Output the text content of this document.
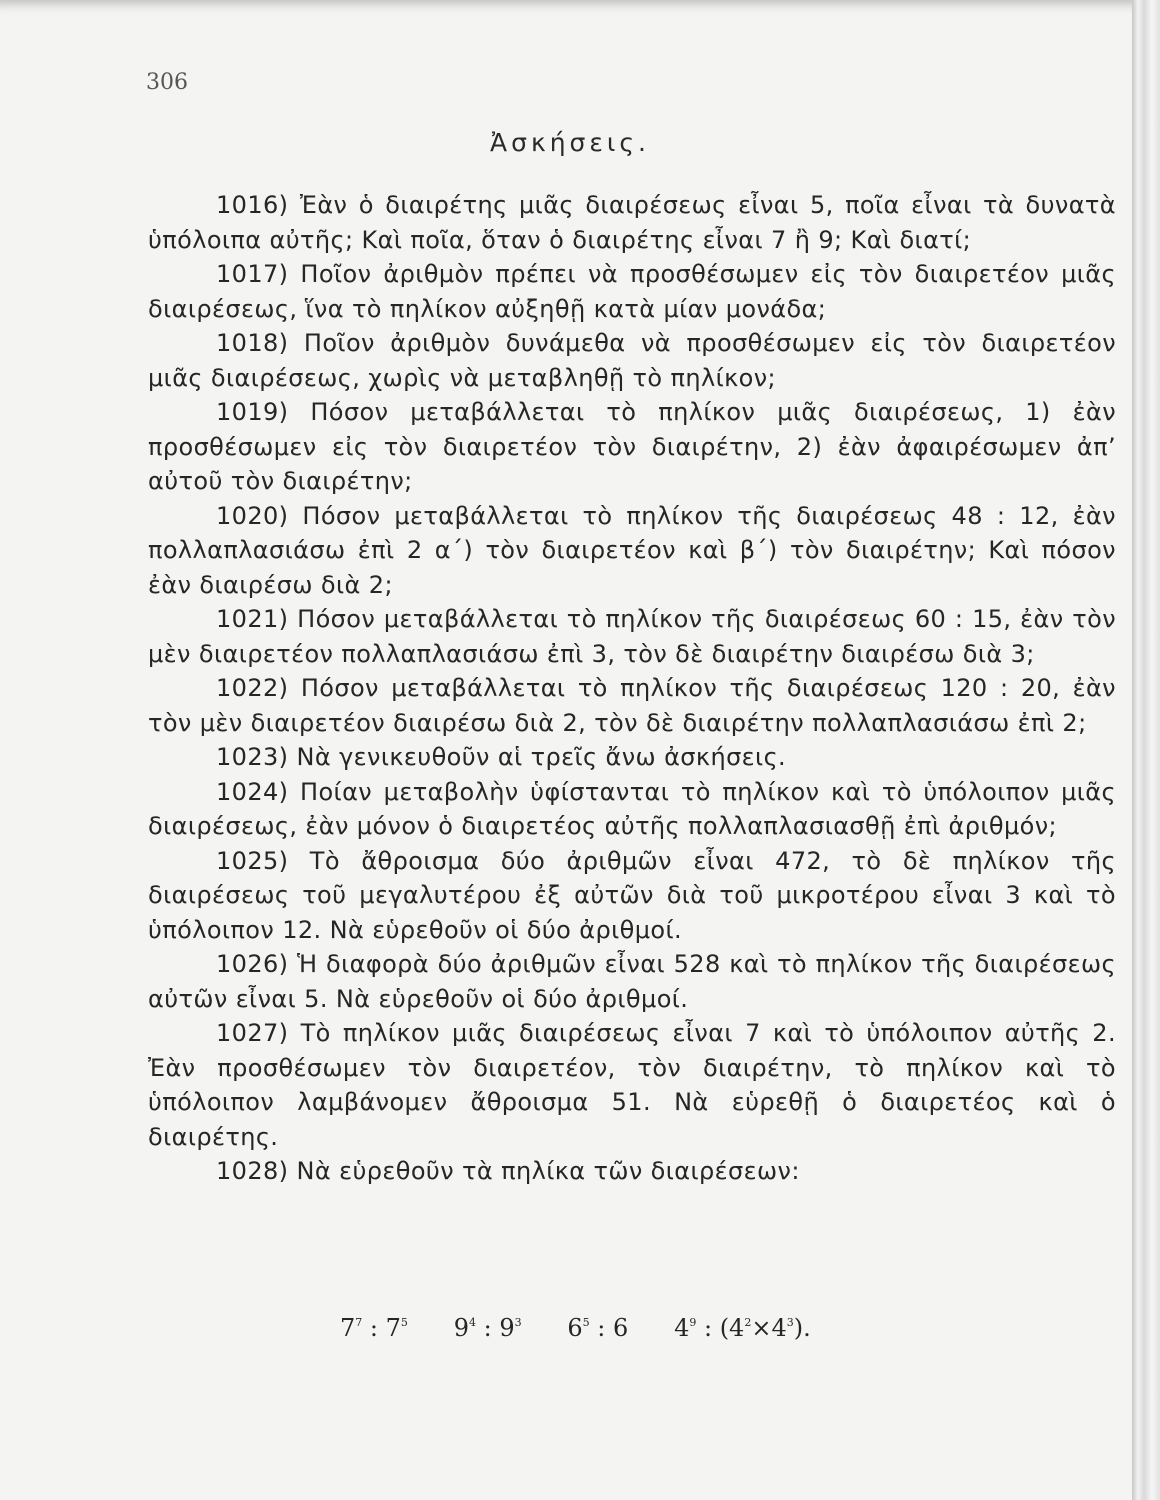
306
Ἀσκήσεις.

1016) Ἐὰν ὁ διαιρέτης μιᾶς διαιρέσεως εἶναι 5, ποῖα εἶναι τὰ δυνατὰ ὑπόλοιπα αὐτῆς; Καὶ ποῖα, ὅταν ὁ διαιρέτης εἶναι 7 ἢ 9; Καὶ διατί;

1017) Ποῖον ἀριθμὸν πρέπει νὰ προσθέσωμεν εἰς τὸν διαιρετέον μιᾶς διαιρέσεως, ἵνα τὸ πηλίκον αὐξηθῇ κατὰ μίαν μονάδα;

1018) Ποῖον ἀριθμὸν δυνάμεθα νὰ προσθέσωμεν εἰς τὸν διαιρετέον μιᾶς διαιρέσεως, χωρὶς νὰ μεταβληθῇ τὸ πηλίκον;

1019) Πόσον μεταβάλλεται τὸ πηλίκον μιᾶς διαιρέσεως, 1) ἐὰν προσθέσωμεν εἰς τὸν διαιρετέον τὸν διαιρέτην, 2) ἐὰν ἀφαιρέσωμεν ἀπ’ αὐτοῦ τὸν διαιρέτην;

1020) Πόσον μεταβάλλεται τὸ πηλίκον τῆς διαιρέσεως 48 : 12, ἐὰν πολλαπλασιάσω ἐπὶ 2 α΄) τὸν διαιρετέον καὶ β΄) τὸν διαιρέτην; Καὶ πόσον ἐὰν διαιρέσω διὰ 2;

1021) Πόσον μεταβάλλεται τὸ πηλίκον τῆς διαιρέσεως 60 : 15, ἐὰν τὸν μὲν διαιρετέον πολλαπλασιάσω ἐπὶ 3, τὸν δὲ διαιρέτην διαιρέσω διὰ 3;

1022) Πόσον μεταβάλλεται τὸ πηλίκον τῆς διαιρέσεως 120 : 20, ἐὰν τὸν μὲν διαιρετέον διαιρέσω διὰ 2, τὸν δὲ διαιρέτην πολλαπλασιάσω ἐπὶ 2;

1023) Νὰ γενικευθοῦν αἱ τρεῖς ἄνω ἀσκήσεις.

1024) Ποίαν μεταβολὴν ὑφίστανται τὸ πηλίκον καὶ τὸ ὑπόλοιπον μιᾶς διαιρέσεως, ἐὰν μόνον ὁ διαιρετέος αὐτῆς πολλαπλασιασθῇ ἐπὶ ἀριθμόν;

1025) Τὸ ἄθροισμα δύο ἀριθμῶν εἶναι 472, τὸ δὲ πηλίκον τῆς διαιρέσεως τοῦ μεγαλυτέρου ἐξ αὐτῶν διὰ τοῦ μικροτέρου εἶναι 3 καὶ τὸ ὑπόλοιπον 12. Νὰ εὑρεθοῦν οἱ δύο ἀριθμοί.

1026) Ἡ διαφορὰ δύο ἀριθμῶν εἶναι 528 καὶ τὸ πηλίκον τῆς διαιρέσεως αὐτῶν εἶναι 5. Νὰ εὑρεθοῦν οἱ δύο ἀριθμοί.

1027) Τὸ πηλίκον μιᾶς διαιρέσεως εἶναι 7 καὶ τὸ ὑπόλοιπον αὐτῆς 2. Ἐὰν προσθέσωμεν τὸν διαιρετέον, τὸν διαιρέτην, τὸ πηλίκον καὶ τὸ ὑπόλοιπον λαμβάνομεν ἄθροισμα 51. Νὰ εὑρεθῇ ὁ διαιρετέος καὶ ὁ διαιρέτης.

1028) Νὰ εὑρεθοῦν τὰ πηλίκα τῶν διαιρέσεων:

$7^7$ : $7^5$ $9^4$ : $9^3$ $6^5$ : 6 $4^9$ : $(4^2\times 4^3)$.
